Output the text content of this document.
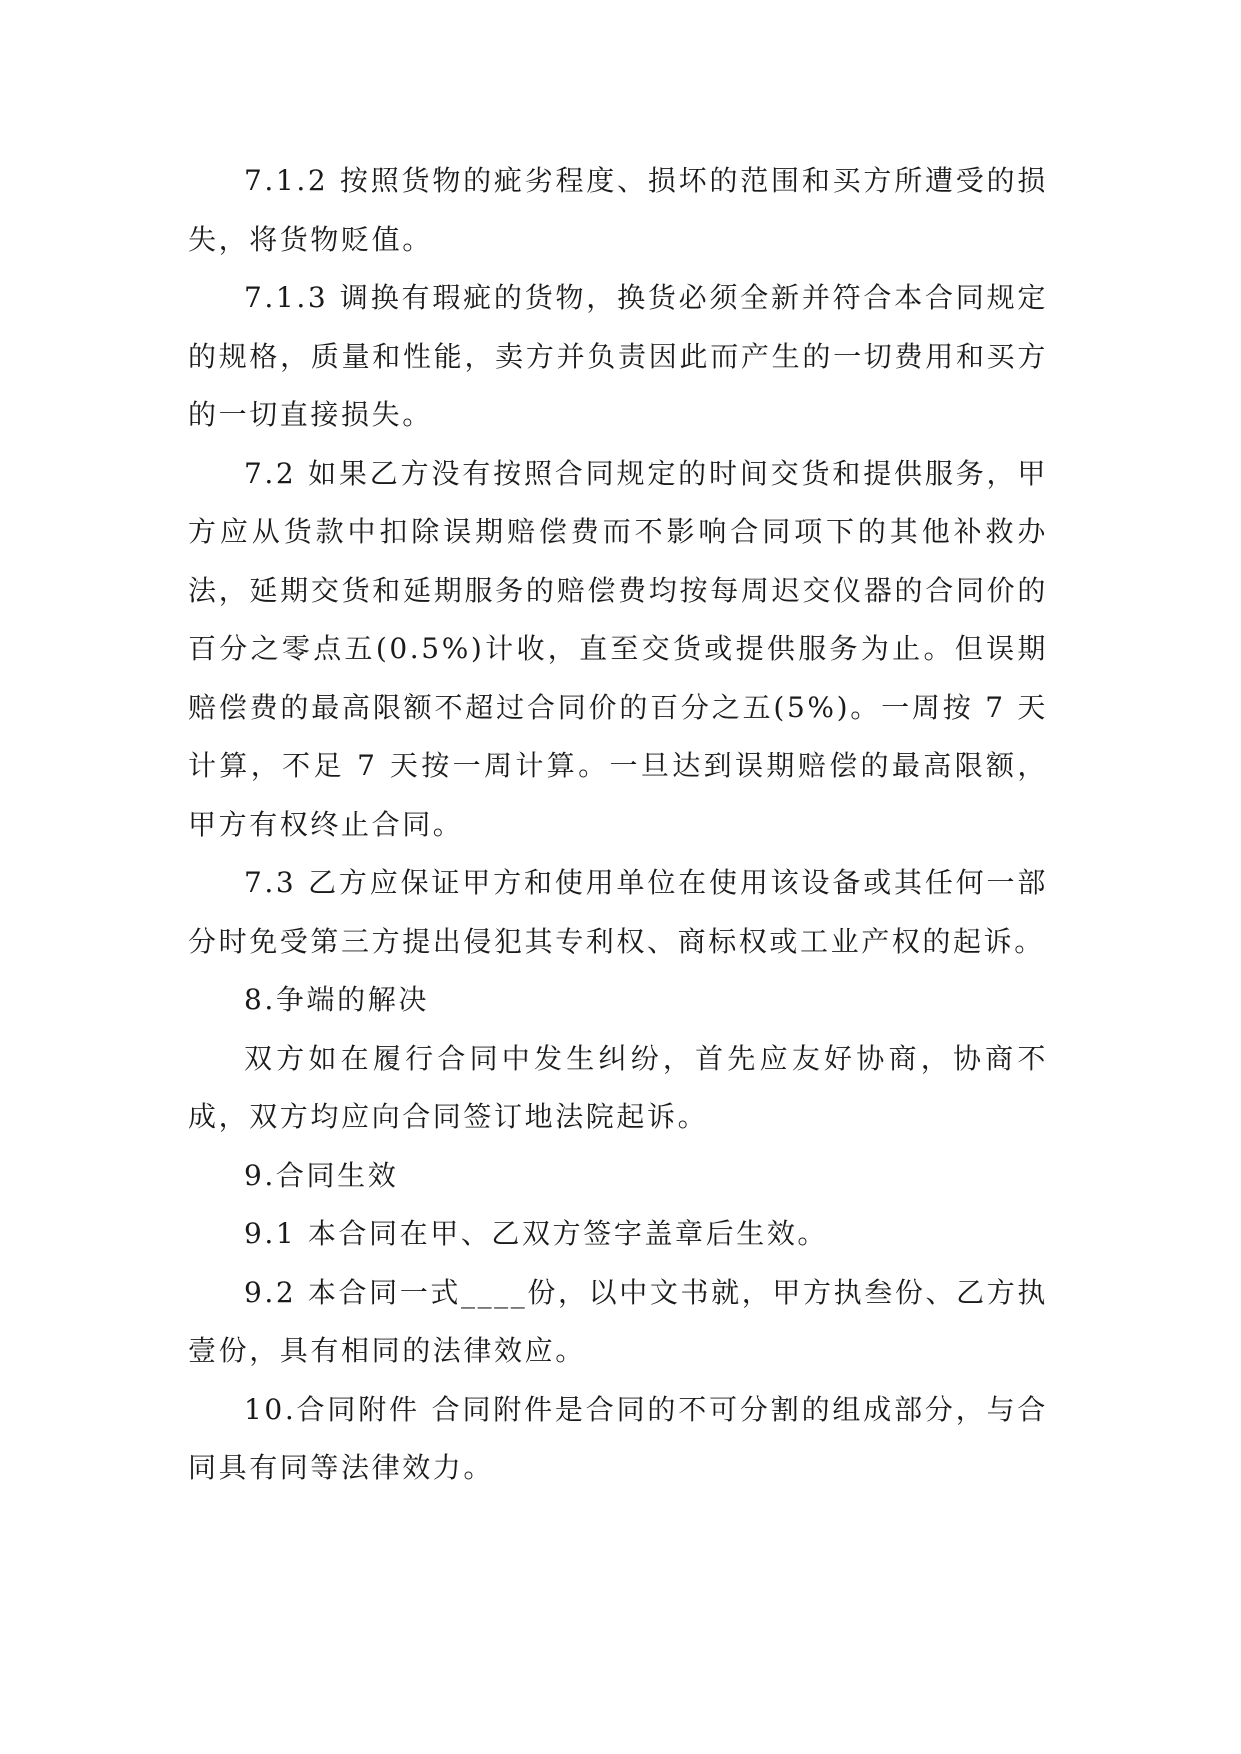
7.1.2 按照货物的疵劣程度、损坏的范围和买方所遭受的损失，将货物贬值。

7.1.3 调换有瑕疵的货物，换货必须全新并符合本合同规定的规格，质量和性能，卖方并负责因此而产生的一切费用和买方的一切直接损失。

7.2 如果乙方没有按照合同规定的时间交货和提供服务，甲方应从货款中扣除误期赔偿费而不影响合同项下的其他补救办法，延期交货和延期服务的赔偿费均按每周迟交仪器的合同价的百分之零点五(0.5%)计收，直至交货或提供服务为止。但误期赔偿费的最高限额不超过合同价的百分之五(5%)。一周按 7 天计算，不足 7 天按一周计算。一旦达到误期赔偿的最高限额，甲方有权终止合同。

7.3 乙方应保证甲方和使用单位在使用该设备或其任何一部分时免受第三方提出侵犯其专利权、商标权或工业产权的起诉。

8.争端的解决

双方如在履行合同中发生纠纷，首先应友好协商，协商不成，双方均应向合同签订地法院起诉。

9.合同生效

9.1 本合同在甲、乙双方签字盖章后生效。

9.2 本合同一式____份，以中文书就，甲方执叁份、乙方执壹份，具有相同的法律效应。

10.合同附件 合同附件是合同的不可分割的组成部分，与合同具有同等法律效力。
